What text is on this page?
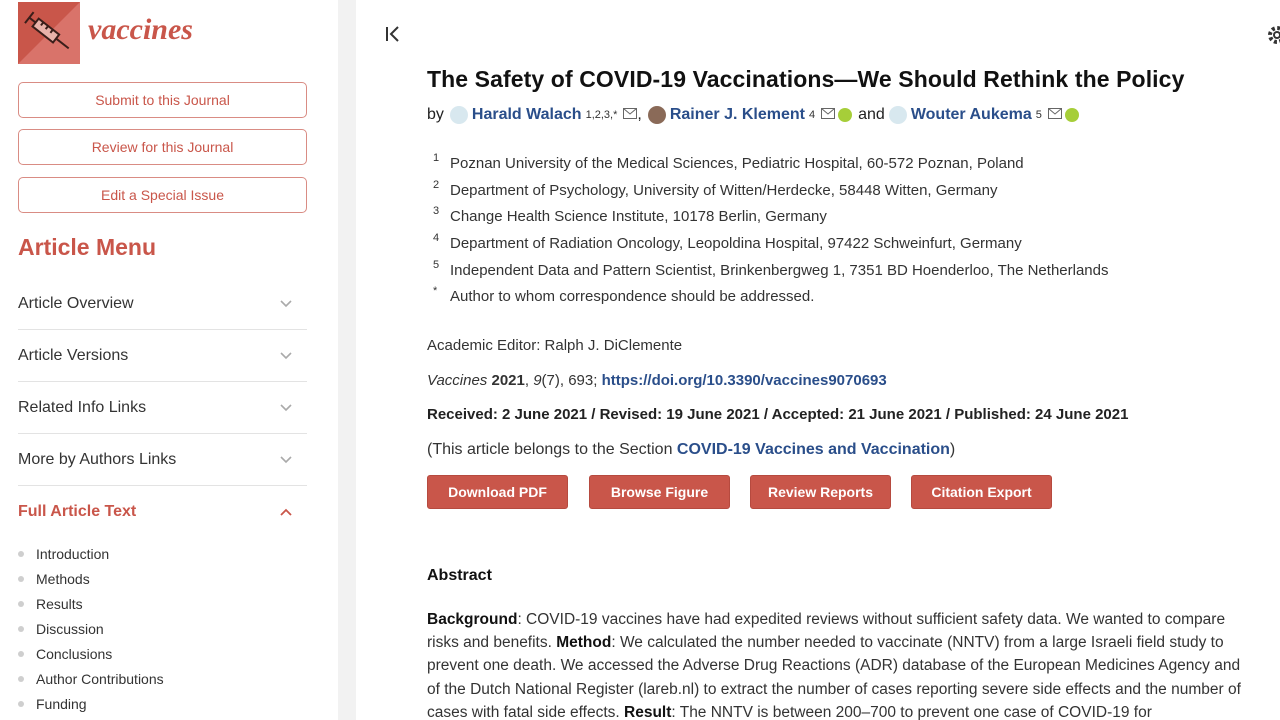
vaccines
Submit to this Journal
Review for this Journal
Edit a Special Issue
Article Menu
Article Overview
Article Versions
Related Info Links
More by Authors Links
Full Article Text
Introduction
Methods
Results
Discussion
Conclusions
Author Contributions
Funding
The Safety of COVID-19 Vaccinations—We Should Rethink the Policy
by Harald Walach 1,2,3,* , Rainer J. Klement 4	and Wouter Aukema 5
1 Poznan University of the Medical Sciences, Pediatric Hospital, 60-572 Poznan, Poland
2 Department of Psychology, University of Witten/Herdecke, 58448 Witten, Germany
3 Change Health Science Institute, 10178 Berlin, Germany
4 Department of Radiation Oncology, Leopoldina Hospital, 97422 Schweinfurt, Germany
5 Independent Data and Pattern Scientist, Brinkenbergweg 1, 7351 BD Hoenderloo, The Netherlands
* Author to whom correspondence should be addressed.
Academic Editor: Ralph J. DiClemente
Vaccines 2021, 9(7), 693; https://doi.org/10.3390/vaccines9070693
Received: 2 June 2021 / Revised: 19 June 2021 / Accepted: 21 June 2021 / Published: 24 June 2021
(This article belongs to the Section COVID-19 Vaccines and Vaccination)
Download PDF	Browse Figure	Review Reports	Citation Export
Abstract

Background: COVID-19 vaccines have had expedited reviews without sufficient safety data. We wanted to compare risks and benefits. Method: We calculated the number needed to vaccinate (NNTV) from a large Israeli field study to prevent one death. We accessed the Adverse Drug Reactions (ADR) database of the European Medicines Agency and of the Dutch National Register (lareb.nl) to extract the number of cases reporting severe side effects and the number of cases with fatal side effects. Result: The NNTV is between 200–700 to prevent one case of COVID-19 for
